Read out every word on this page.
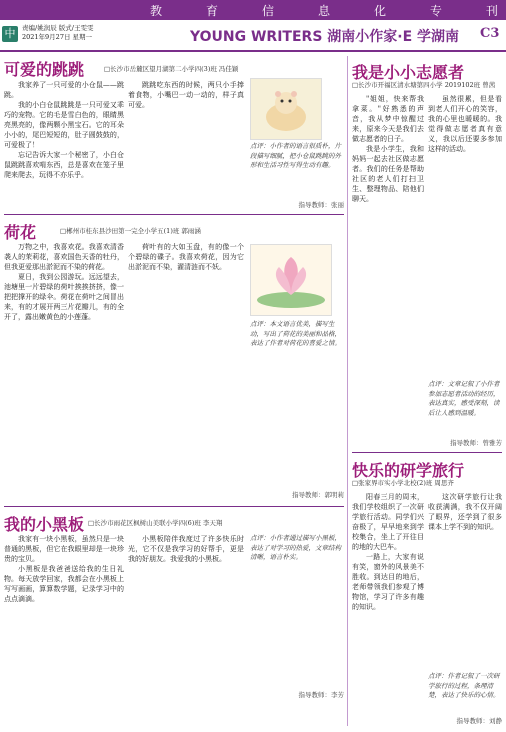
教	育	信	息	化	专	刊
中	责编/姚润辰 版式/王雯雯
2021年9月27日 星期一	YOUNG WRITERS 湖南小作家·E 学湖南 C3
可爱的跳跳	□长沙市岳麓区望月湖第二小学四(3)班 冯佳颖

我家养了一只可爱的小仓鼠——跳跳。

我的小白仓鼠跳跳是一只可爱又乖巧的宠物。它的毛是雪白色的，眼睛黑亮黑亮的，像两颗小黑宝石。它的耳朵小小的，尾巴短短的，肚子圆鼓鼓的，可爱极了！

忘记告诉大家一个秘密了，小白仓鼠跳跳喜欢啃东西，总是喜欢在笼子里爬来爬去，玩得不亦乐乎。

跳跳吃东西的时候，两只小手捧着食物，小嘴巴一动一动的，样子真可爱。

点评：小作者的语言很质朴，片段描写细腻，把小仓鼠跳跳的外形和生活习性写得生动有趣。
指导教师：张丽
荷花	□郴州市桂东县沙田第一完全小学五(1)班 郭雨涵

万物之中，我喜欢花。我喜欢清香袭人的茉莉花，喜欢国色天香的牡丹，但我更爱那出淤泥而不染的荷花。

夏日，我到公园游玩。远远望去，池塘里一片碧绿的荷叶挨挨挤挤，像一把把撑开的绿伞。荷花在荷叶之间冒出来，有的才展开两三片花瓣儿，有的全开了，露出嫩黄色的小莲蓬。

荷叶有的大如玉盘，有的像一个个碧绿的碟子。我喜欢荷花，因为它出淤泥而不染，濯清涟而不妖。

点评：本文语言优美，描写生动，写出了荷花的美丽和品格，表达了作者对荷花的喜爱之情。
指导教师：郭明莉
我的小黑板 □长沙市雨花区枫树山美联小学四(6)班 李天翔

我家有一块小黑板，虽然只是一块普通的黑板，但它在我眼里却是一块珍贵的宝贝。

小黑板是我爸爸送给我的生日礼物。每天放学回家，我都会在小黑板上写写画画，算算数学题，记录学习中的点点滴滴。

小黑板陪伴我度过了许多快乐时光，它不仅是我学习的好帮手，更是我的好朋友。我爱我的小黑板。

点评：小作者通过描写小黑板，表达了对学习的热爱，文章结构清晰，语言朴实。
指导教师：李芳
我是小小志愿者
□长沙市开福区清水塘第四小学 2019102班 曾茜

"姐姐，快来帮我拿菜。"好熟悉的声音，我从梦中惊醒过来，原来今天是我们去做志愿者的日子。

我是小学生，我和妈妈一起去社区做志愿者。我们的任务是帮助社区的老人们打扫卫生、整理物品、陪他们聊天。

虽然很累，但是看到老人们开心的笑容，我的心里也暖暖的。我觉得做志愿者真有意义，我以后还要多参加这样的活动。

点评：文章记叙了小作者参加志愿者活动的经历，表达真实，感受深刻，读后让人感到温暖。
指导教师：曾雅芳
快乐的研学旅行
□张家界市实小学北校(2)班 周思齐

阳春三月的周末，我们学校组织了一次研学旅行活动。同学们兴奋极了，早早地来到学校集合，坐上了开往目的地的大巴车。

一路上，大家有说有笑，窗外的风景美不胜收。到达目的地后，老师带领我们参观了博物馆，学习了许多有趣的知识。

这次研学旅行让我收获满满，我不仅开阔了眼界，还学到了很多课本上学不到的知识。

点评：作者记叙了一次研学旅行的过程，条理清楚，表达了快乐的心情。
指导教师：刘静
